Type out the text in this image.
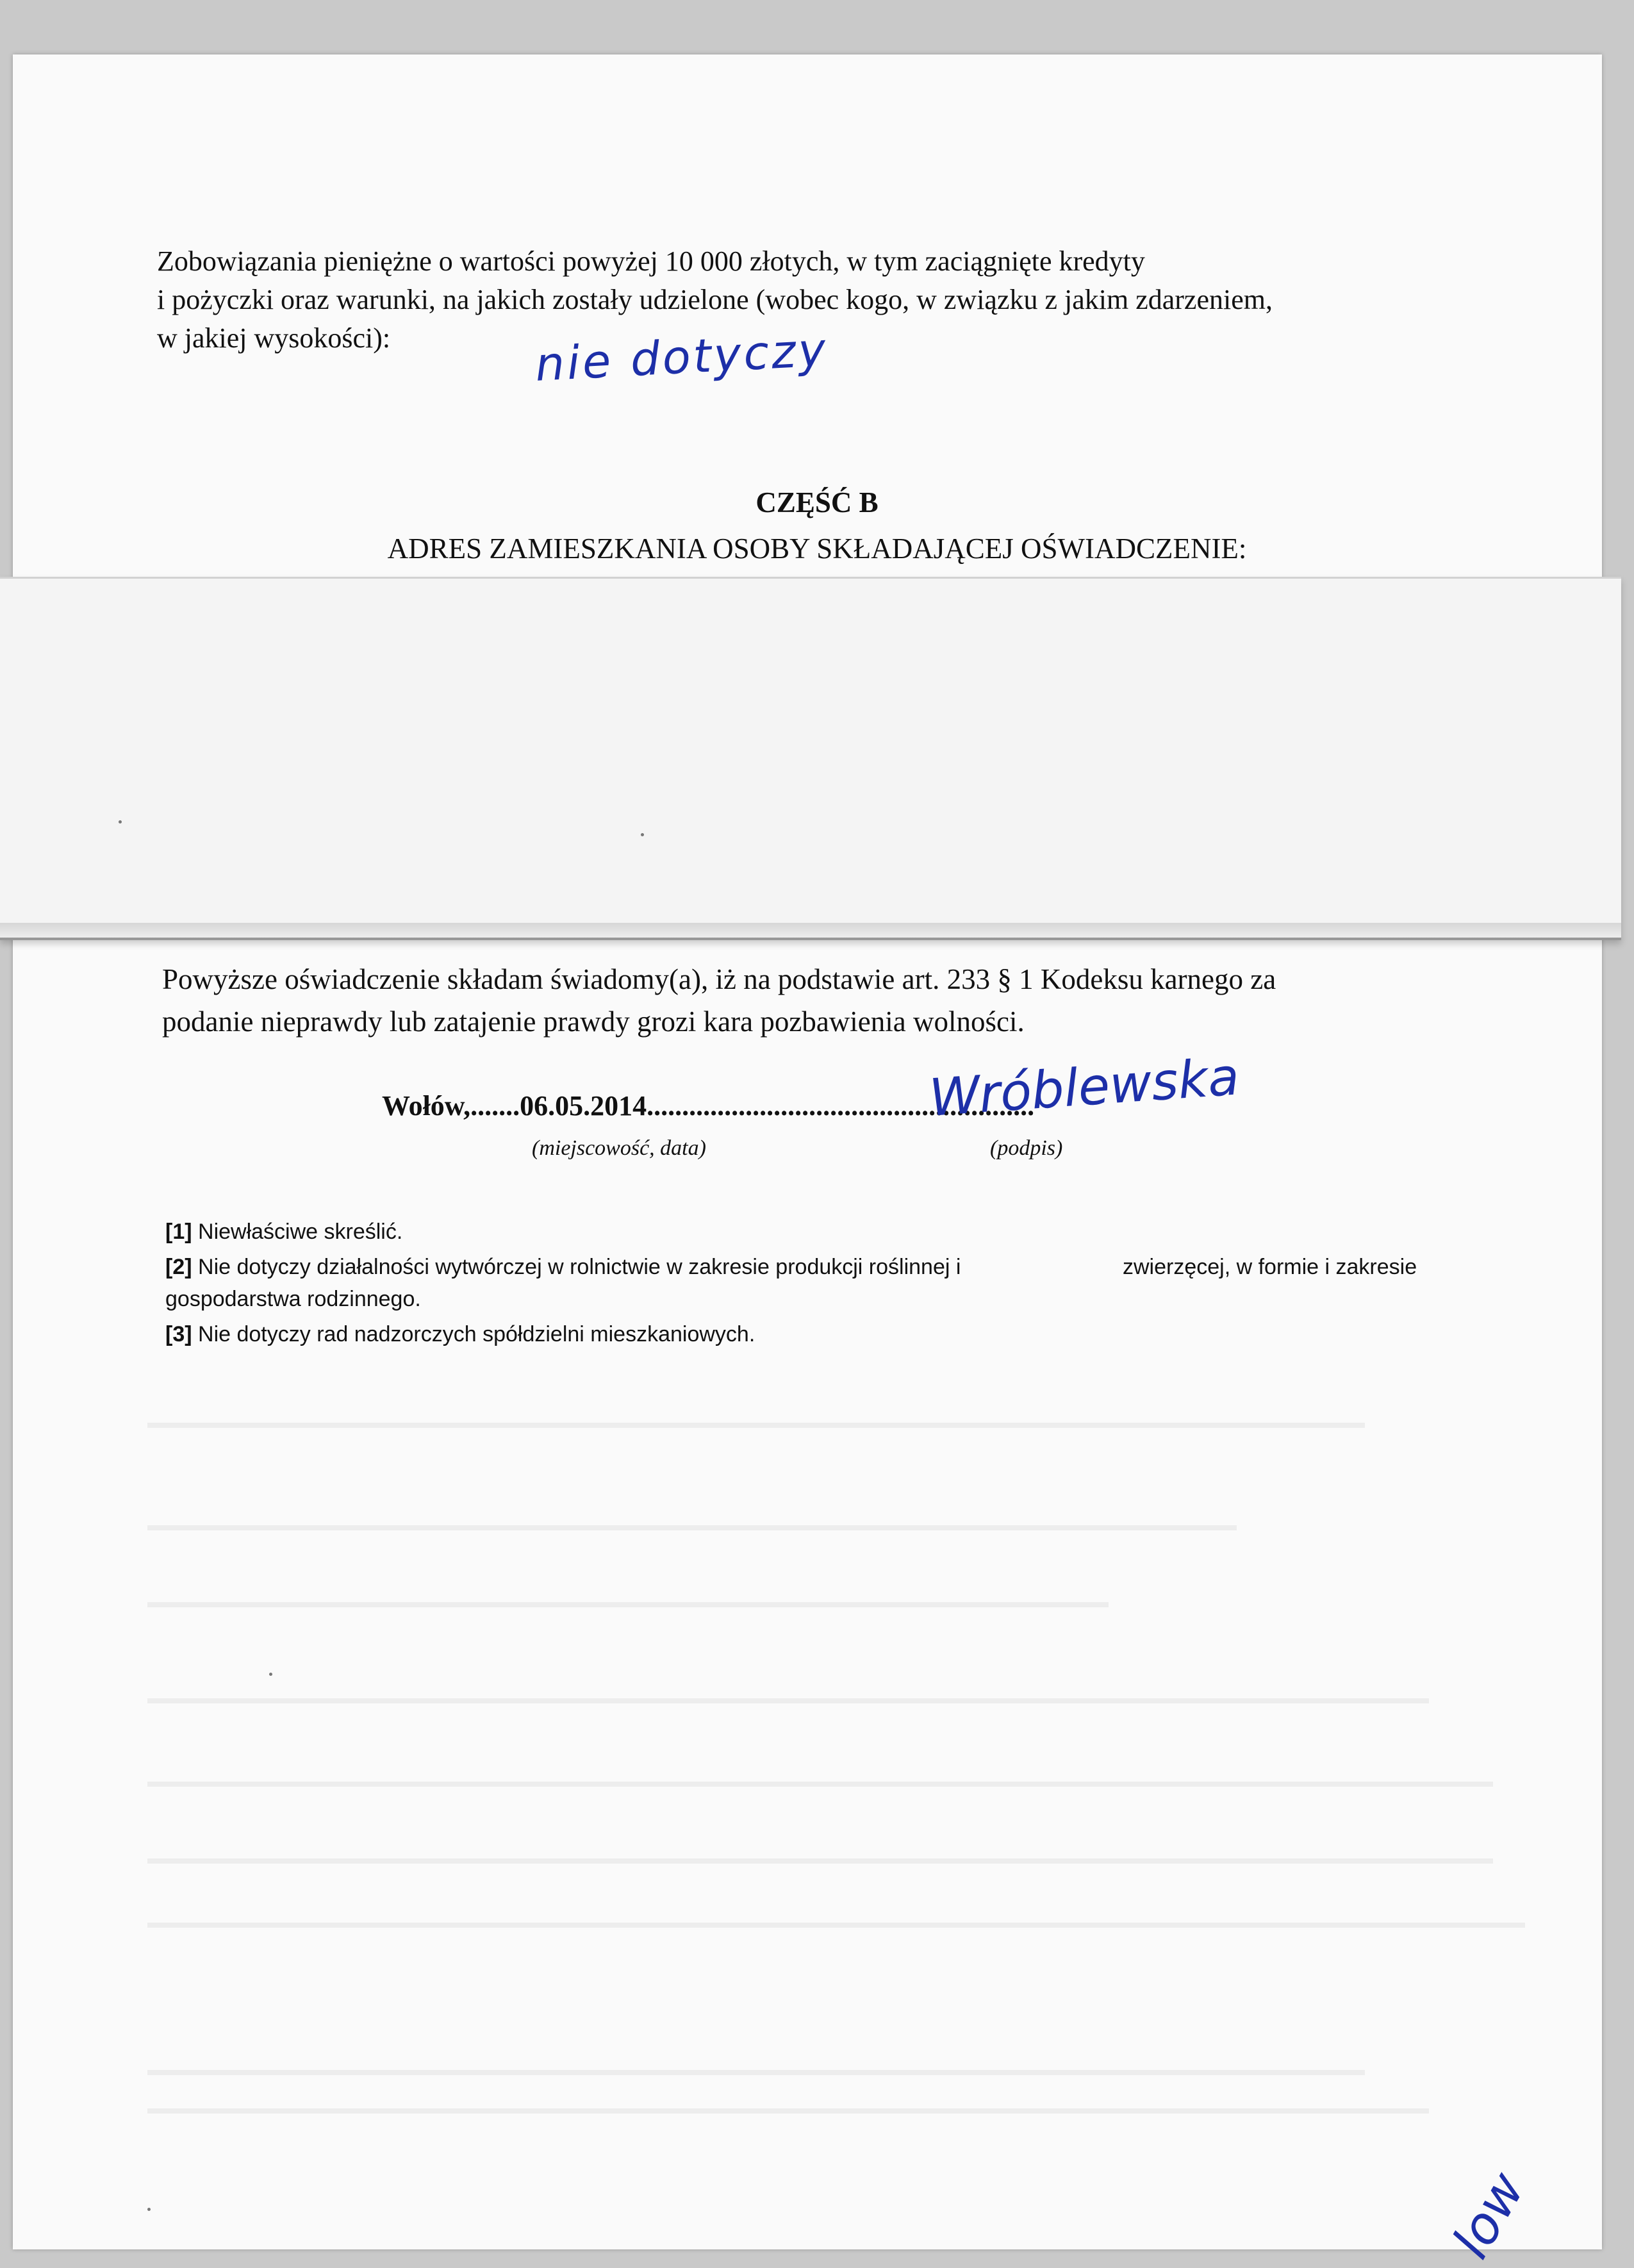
Zobowiązania pieniężne o wartości powyżej 10 000 złotych, w tym zaciągnięte kredyty
i pożyczki oraz warunki, na jakich zostały udzielone (wobec kogo, w związku z jakim zdarzeniem,
w jakiej wysokości):	nie dotyczy
CZĘŚĆ B
ADRES ZAMIESZKANIA OSOBY SKŁADAJĄCEJ OŚWIADCZENIE:
Powyższe oświadczenie składam świadomy(a), iż na podstawie art. 233 § 1 Kodeksu karnego za
podanie nieprawdy lub zatajenie prawdy grozi kara pozbawienia wolności.
Wołów,.......06.05.2014.......................................................
Wróblewska
(miejscowość, data)	(podpis)
[1] Niewłaściwe skreślić.
[2] Nie dotyczy działalności wytwórczej w rolnictwie w zakresie produkcji roślinnej i	zwierzęcej, w formie i zakresie
gospodarstwa rodzinnego.
[3] Nie dotyczy rad nadzorczych spółdzielni mieszkaniowych.
low
